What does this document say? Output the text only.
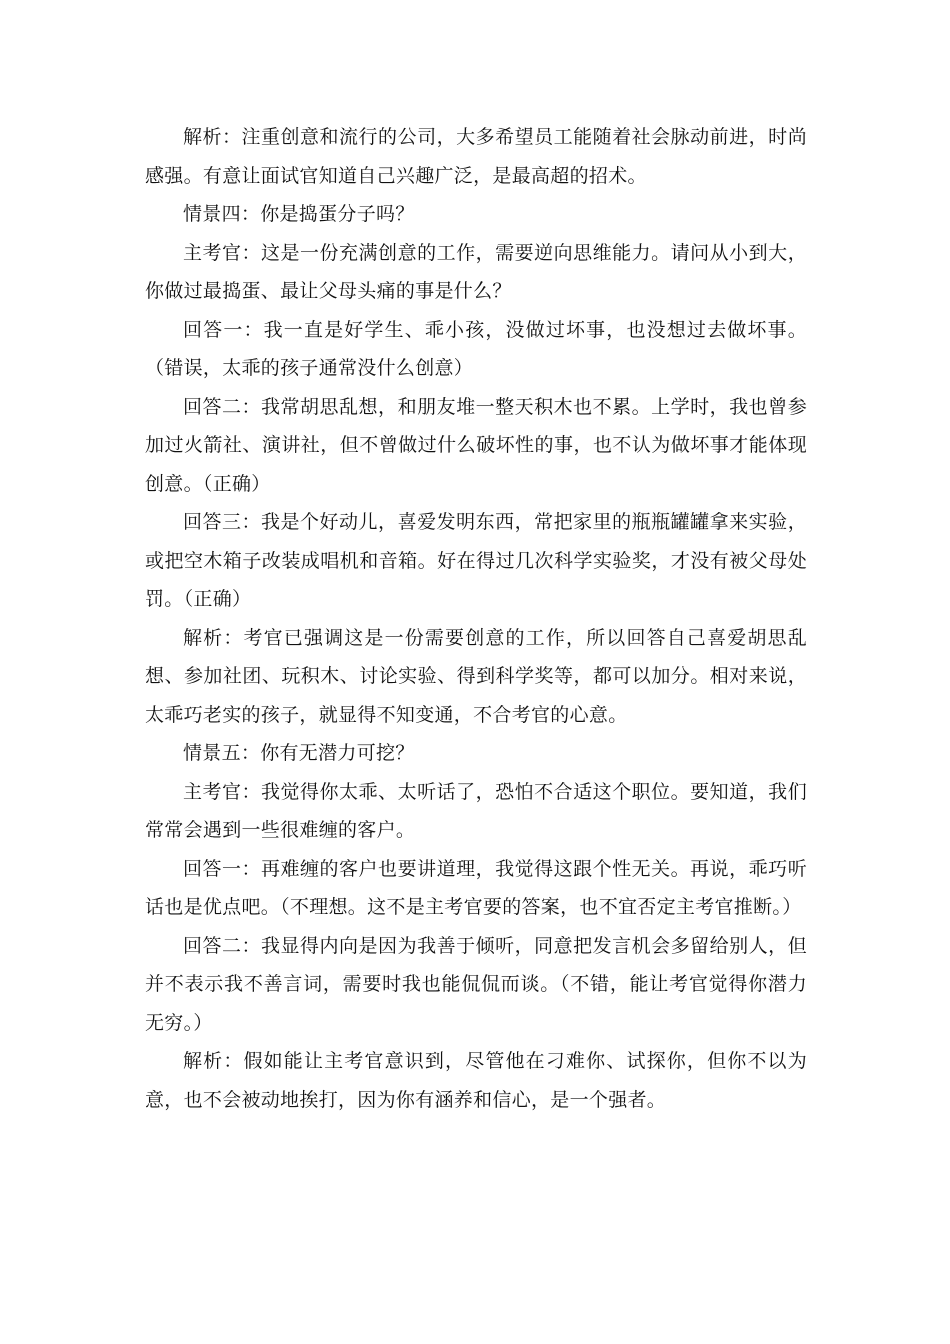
解析：注重创意和流行的公司，大多希望员工能随着社会脉动前进，时尚感强。有意让面试官知道自己兴趣广泛，是最高超的招术。

情景四：你是捣蛋分子吗？

主考官：这是一份充满创意的工作，需要逆向思维能力。请问从小到大，你做过最捣蛋、最让父母头痛的事是什么？

回答一：我一直是好学生、乖小孩，没做过坏事，也没想过去做坏事。（错误，太乖的孩子通常没什么创意）

回答二：我常胡思乱想，和朋友堆一整天积木也不累。上学时，我也曾参加过火箭社、演讲社，但不曾做过什么破坏性的事，也不认为做坏事才能体现创意。（正确）

回答三：我是个好动儿，喜爱发明东西，常把家里的瓶瓶罐罐拿来实验，或把空木箱子改装成唱机和音箱。好在得过几次科学实验奖，才没有被父母处罚。（正确）

解析：考官已强调这是一份需要创意的工作，所以回答自己喜爱胡思乱想、参加社团、玩积木、讨论实验、得到科学奖等，都可以加分。相对来说，太乖巧老实的孩子，就显得不知变通，不合考官的心意。

情景五：你有无潜力可挖？

主考官：我觉得你太乖、太听话了，恐怕不合适这个职位。要知道，我们常常会遇到一些很难缠的客户。

回答一：再难缠的客户也要讲道理，我觉得这跟个性无关。再说，乖巧听话也是优点吧。（不理想。这不是主考官要的答案，也不宜否定主考官推断。）

回答二：我显得内向是因为我善于倾听，同意把发言机会多留给别人，但并不表示我不善言词，需要时我也能侃侃而谈。（不错，能让考官觉得你潜力无穷。）

解析：假如能让主考官意识到，尽管他在刁难你、试探你，但你不以为意，也不会被动地挨打，因为你有涵养和信心，是一个强者。
